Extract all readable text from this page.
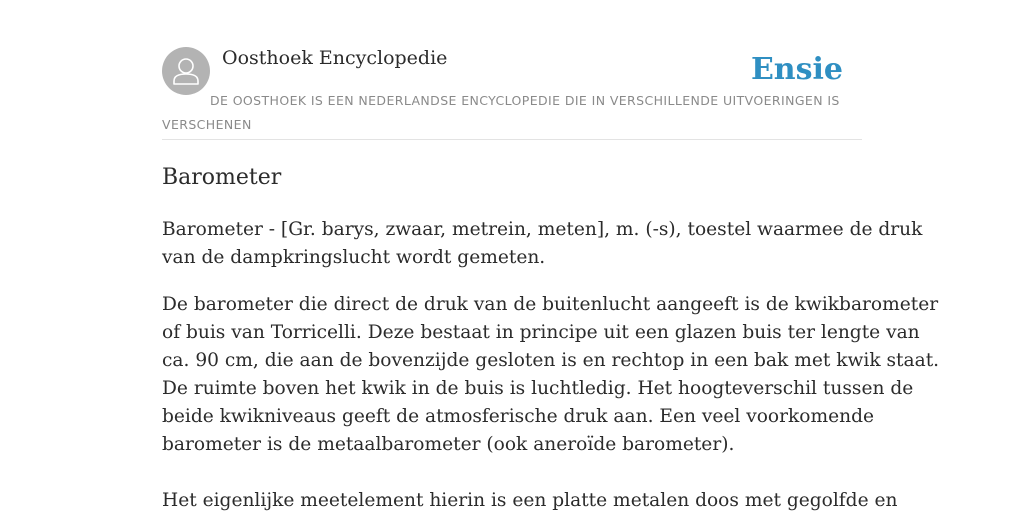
Oosthoek Encyclopedie	Ensie
DE OOSTHOEK IS EEN NEDERLANDSE ENCYCLOPEDIE DIE IN VERSCHILLENDE UITVOERINGEN IS VERSCHENEN
Barometer

Barometer - [Gr. barys, zwaar, metrein, meten], m. (-s), toestel waarmee de druk
van de dampkringslucht wordt gemeten.

De barometer die direct de druk van de buitenlucht aangeeft is de kwikbarometer
of buis van Torricelli. Deze bestaat in principe uit een glazen buis ter lengte van
ca. 90 cm, die aan de bovenzijde gesloten is en rechtop in een bak met kwik staat.
De ruimte boven het kwik in de buis is luchtledig. Het hoogteverschil tussen de
beide kwikniveaus geeft de atmosferische druk aan. Een veel voorkomende
barometer is de metaalbarometer (ook aneroïde barometer).

Het eigenlijke meetelement hierin is een platte metalen doos met gegolfde en
